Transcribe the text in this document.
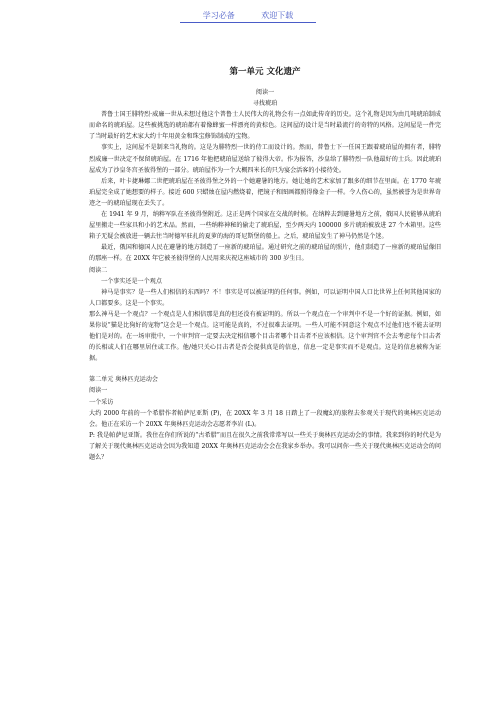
学习必备	欢迎下载
第一单元 文化遗产
阅读一
寻找琥珀

普鲁士国王腓特烈·威廉一世从未想过他这个普鲁士人民伟大的礼物会有一点如此传奇的历史。这个礼物是因为由几吨琥珀制成而命名的琥珀屋。这些被挑选的琥珀都有着像蜂蜜一样漂亮的黄棕色。这间屋的设计是当时最流行的奇特的风格。这间屋是一件完了当时最好的艺术家大约十年用黄金和珠宝修饰制成的宝物。

事实上，这间屋不是制来当礼物的。这是为腓特烈一世的侍工而设计的。然而，普鲁士下一任国王跟着琥珀屋的拥有者，腓特烈威廉一世决定不保留琥珀屋。在 1716 年他把琥珀屋送给了彼得大帝。作为报答，沙皇给了腓特烈一队他最好的士兵。因此琥珀屋成为了沙皇冬宫圣彼得堡的一部分。琥珀屋作为一个大概四米长的只为宴会活客的小接待处。

后来，叶卡捷琳娜二世把琥珀屋在圣彼得堡之外的一个她避暑的地方。她让她的艺术家加了跟多的细节在里面。在 1770 年琥珀屋完全成了她想要的样子。接近 600 只蜡烛在屋内燃烧着，把镜子和图画都照得像金子一样。令人伤心的，虽然被誉为是世界奇迹之一的琥珀屋现在丢失了。

在 1941 年 9 月，纳粹军队在圣彼得堡附近。这正是两个国家在交战的时候。在纳粹去到避暑地方之前，俄国人民能够从琥珀屋里搬走一些家具和小的艺术品。然而，一些纳粹神秘的偷走了琥珀屋，至少两天内 100000 多片琥珀被放进 27 个木箱里。这些箱子无疑会被放进一辆去往当时德军驻扎的夏萝的海的哥尼斯堡的船上。之后，琥珀屋发生了神马仍然是个迷。

最近，俄国和德国人民在避暑的地方制造了一座新的琥珀屋。通过研究之前的琥珀屋的照片，他们制造了一座新的琥珀屋像旧的那座一样。在 20XX 年它被圣彼得堡的人民用来庆祝这座城市的 300 岁生日。

阅读二
一个事实还是一个观点

神马是事实？是一些人们相信的东西吗？不！事实是可以被证明的任何事。例如，可以证明中国人口比世界上任何其他国家的人口都要多。这是一个事实。

那么神马是一个观点？一个观点是人们相信那是真的但还没有被证明的。所以一个观点在一个审判中不是一个好的证据。例如，如果你说“猫是比狗好的宠物”这会是一个观点。这可能是真的，不过很难去证明。一些人可能不同意这个观点不过他们也不能去证明他们是对的。在一场审批中，一个审判官一定要去决定相信哪个目击者哪个目击者不应该相信。这个审判官不会去考虑每个目击者的长相或人们在哪里居住或工作。他/她只关心目击者是否会提供真是的信息，信息一定是事实而不是观点。这是的信息被称为证据。

第二单元 奥林匹克运动会
阅读一
一个采访

大约 2000 年前的一个希腊作者帕萨尼亚斯 (P)，在 20XX 年 3 月 18 日踏上了一段魔幻的旅程去参观关于现代的奥林匹克运动会。他正在采访一个 20XX 年奥林匹克运动会志愿者李岩 (L)。

P: 我是帕萨尼亚斯。我住在你们所说的“古希腊”而且在很久之前我常常写以一些关于奥林匹克运动会的事情。我来到你的时代是为了解关于现代奥林匹克运动会因为我知道 20XX 年奥林匹克运动会会在我家乡举办。我可以问你一些关于现代奥林匹克运动会的问题么？
